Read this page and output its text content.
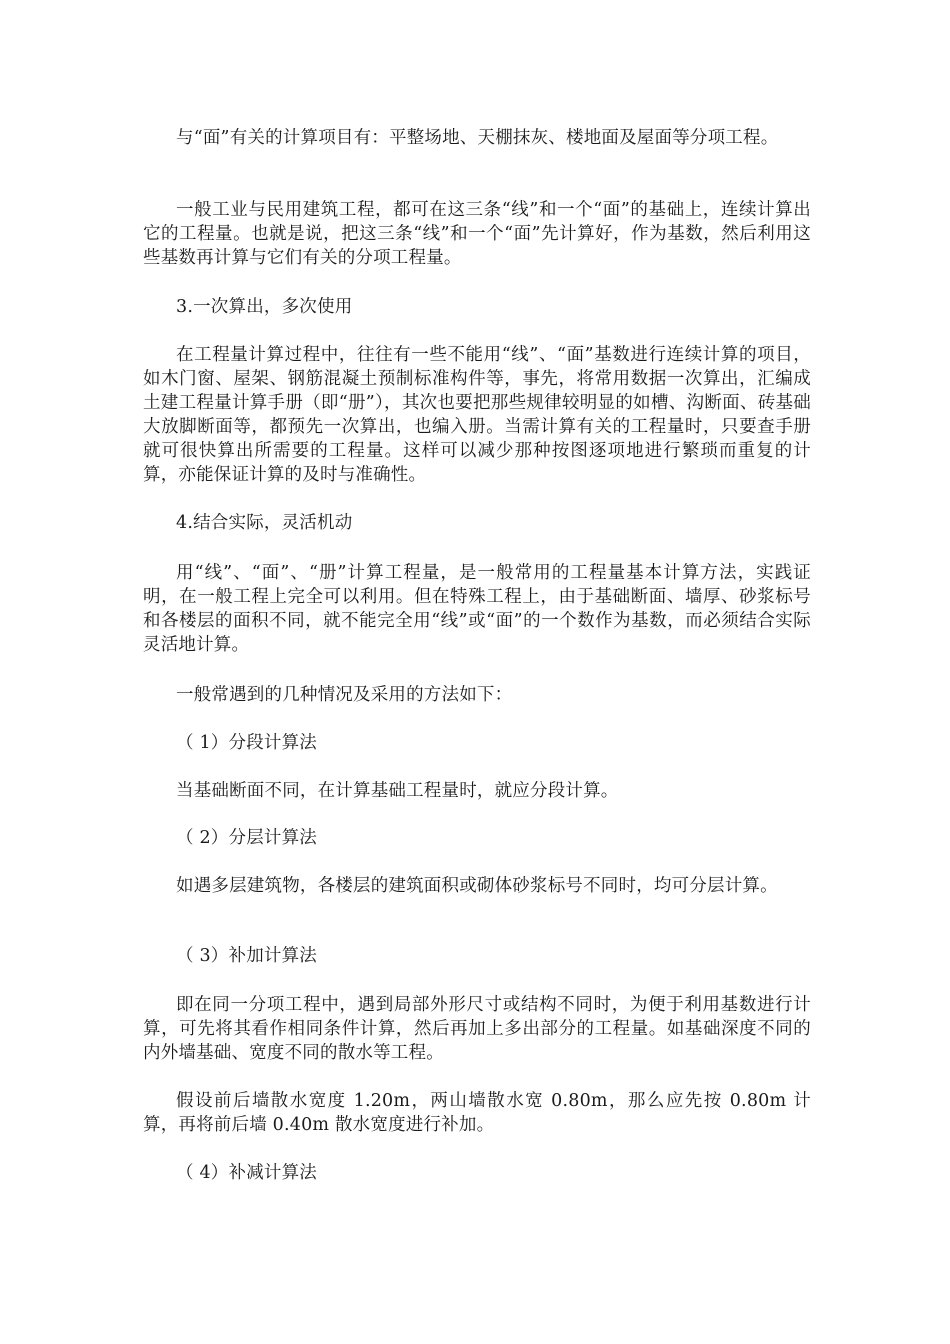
与“面”有关的计算项目有：平整场地、天棚抹灰、楼地面及屋面等分项工程。

一般工业与民用建筑工程，都可在这三条“线”和一个“面”的基础上，连续计算出它的工程量。也就是说，把这三条“线”和一个“面”先计算好，作为基数，然后利用这些基数再计算与它们有关的分项工程量。

3.一次算出，多次使用

在工程量计算过程中，往往有一些不能用“线”、“面”基数进行连续计算的项目，如木门窗、屋架、钢筋混凝土预制标准构件等，事先，将常用数据一次算出，汇编成土建工程量计算手册（即“册”），其次也要把那些规律较明显的如槽、沟断面、砖基础大放脚断面等，都预先一次算出，也编入册。当需计算有关的工程量时，只要查手册就可很快算出所需要的工程量。这样可以减少那种按图逐项地进行繁琐而重复的计算，亦能保证计算的及时与准确性。

4.结合实际，灵活机动

用“线”、“面”、“册”计算工程量，是一般常用的工程量基本计算方法，实践证明，在一般工程上完全可以利用。但在特殊工程上，由于基础断面、墙厚、砂浆标号和各楼层的面积不同，就不能完全用“线”或“面”的一个数作为基数，而必须结合实际灵活地计算。

一般常遇到的几种情况及采用的方法如下：

（ 1）分段计算法

当基础断面不同，在计算基础工程量时，就应分段计算。

（ 2）分层计算法

如遇多层建筑物，各楼层的建筑面积或砌体砂浆标号不同时，均可分层计算。

（ 3）补加计算法

即在同一分项工程中，遇到局部外形尺寸或结构不同时，为便于利用基数进行计算，可先将其看作相同条件计算，然后再加上多出部分的工程量。如基础深度不同的内外墙基础、宽度不同的散水等工程。

假设前后墙散水宽度 1.20m，两山墙散水宽 0.80m，那么应先按 0.80m 计算，再将前后墙 0.40m 散水宽度进行补加。

（ 4）补减计算法
